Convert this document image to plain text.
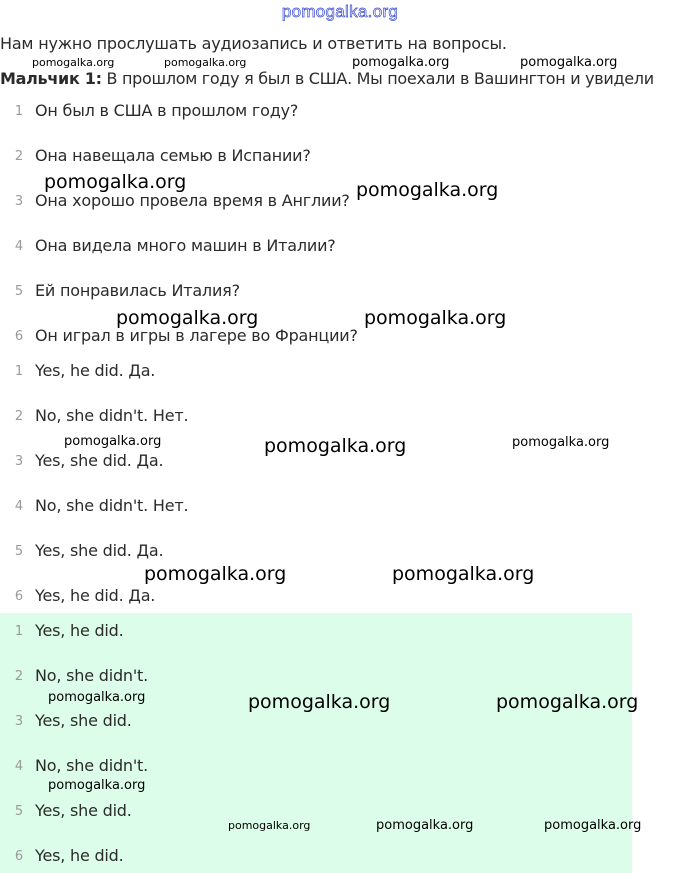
pomogalka.org
Нам нужно прослушать аудиозапись и ответить на вопросы.
Мальчик 1: В прошлом году я был в США. Мы поехали в Вашингтон и увидели
1 Он был в США в прошлом году?
2 Она навещала семью в Испании?
3 Она хорошо провела время в Англии?
4 Она видела много машин в Италии?
5 Ей понравилась Италия?
6 Он играл в игры в лагере во Франции?
1 Yes, he did. Да.
2 No, she didn't. Нет.
3 Yes, she did. Да.
4 No, she didn't. Нет.
5 Yes, she did. Да.
6 Yes, he did. Да.
1 Yes, he did.
2 No, she didn't.
3 Yes, she did.
4 No, she didn't.
5 Yes, she did.
6 Yes, he did.
pomogalka.org	pomogalka.org	pomogalka.org	pomogalka.org
pomogalka.org	pomogalka.org
pomogalka.org	pomogalka.org
pomogalka.org	pomogalka.org	pomogalka.org
pomogalka.org	pomogalka.org
pomogalka.org	pomogalka.org	pomogalka.org
pomogalka.org
pomogalka.org	pomogalka.org	pomogalka.org
